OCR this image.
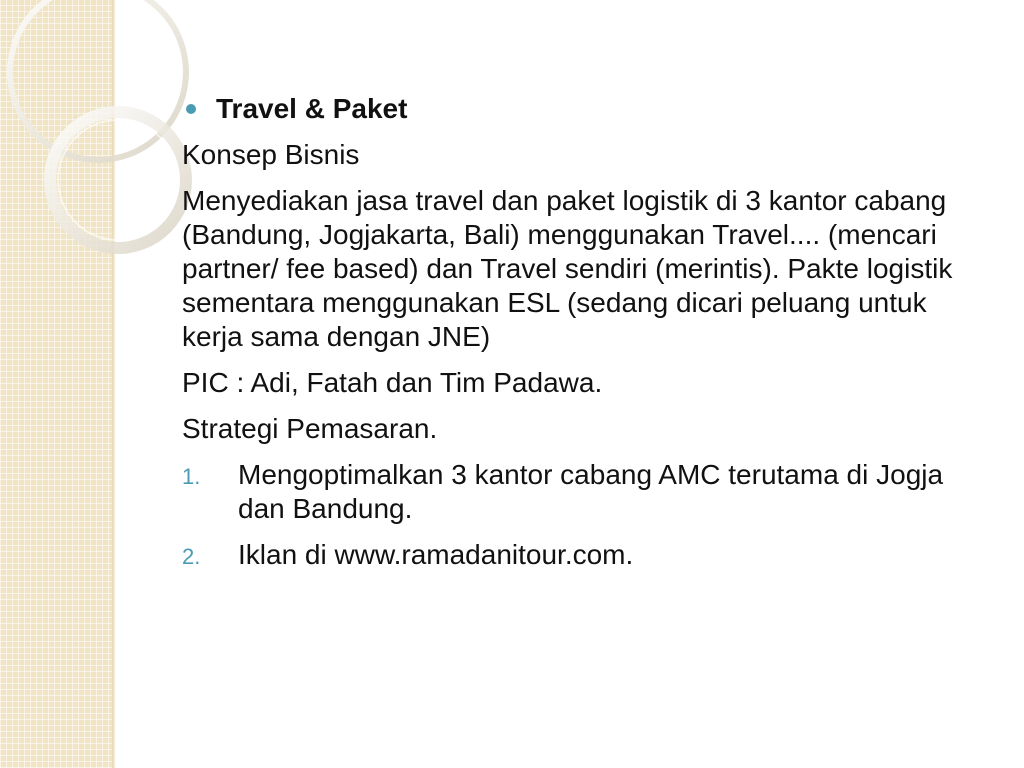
Travel & Paket
Konsep Bisnis
Menyediakan jasa travel dan paket logistik di 3 kantor cabang (Bandung, Jogjakarta, Bali) menggunakan Travel.... (mencari partner/ fee based) dan Travel sendiri (merintis). Pakte logistik sementara menggunakan ESL (sedang dicari peluang untuk kerja sama dengan JNE)
PIC : Adi, Fatah dan Tim Padawa.
Strategi Pemasaran.
1. Mengoptimalkan 3 kantor cabang AMC terutama di Jogja dan Bandung.
2. Iklan di www.ramadanitour.com.
